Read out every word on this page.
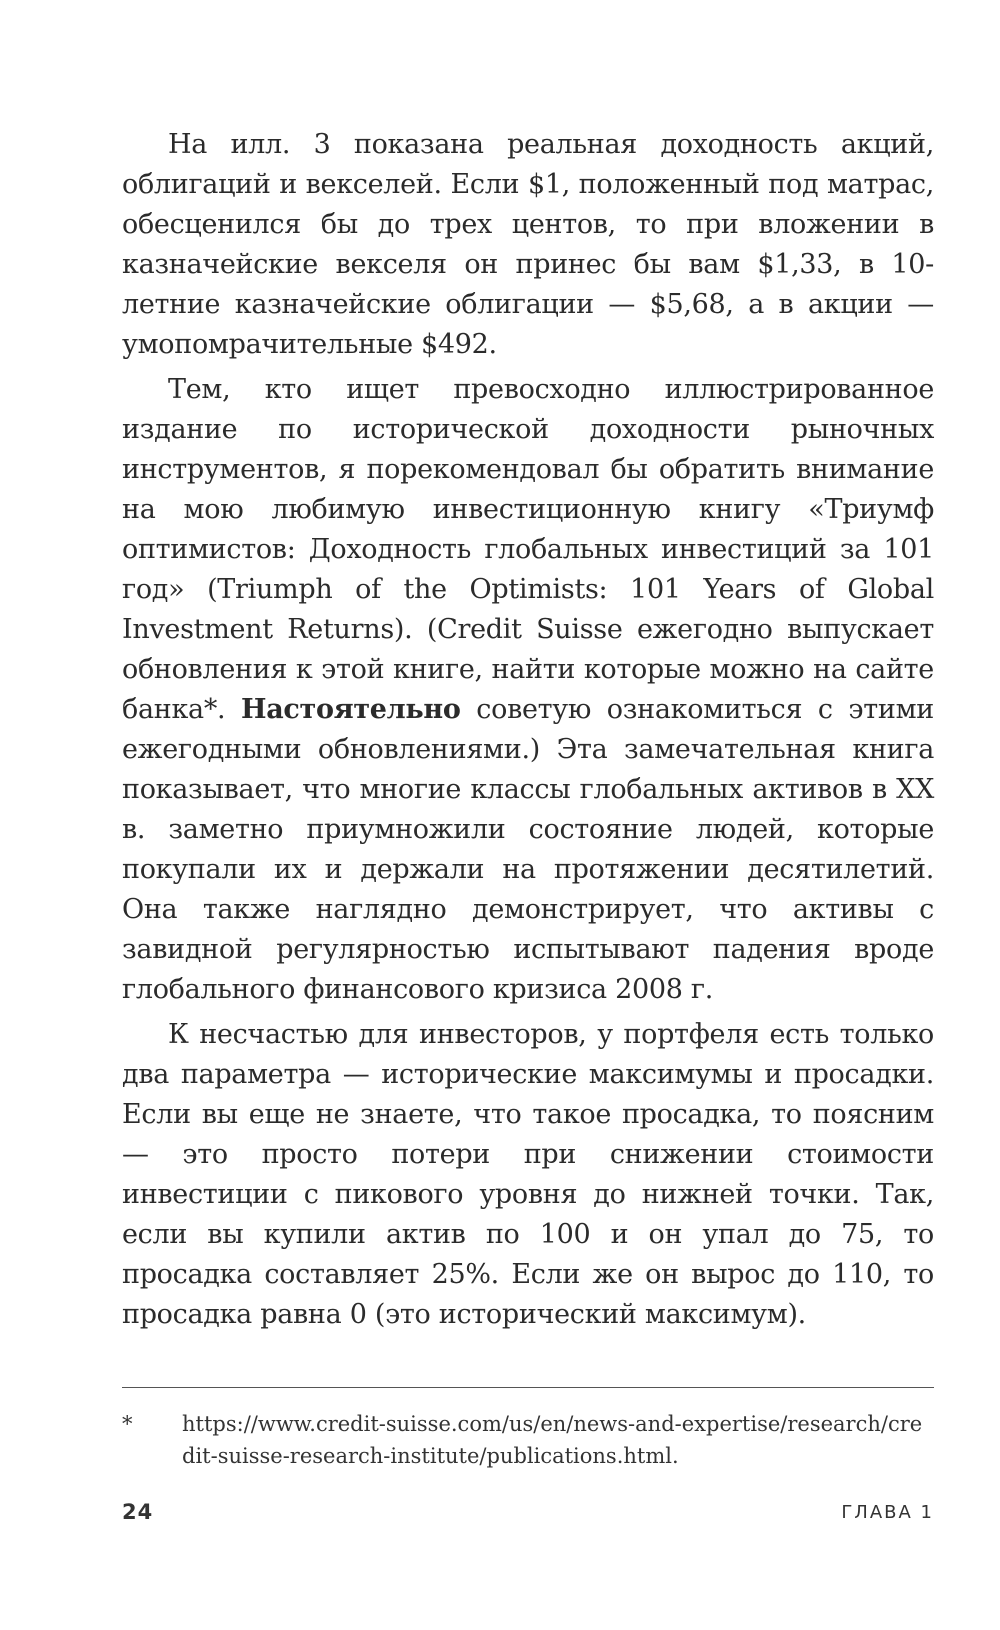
На илл. 3 показана реальная доходность акций, облигаций и векселей. Если $1, положенный под матрас, обесценился бы до трех центов, то при вложении в казначейские векселя он принес бы вам $1,33, в 10-летние казначейские облигации — $5,68, а в акции — умопомрачительные $492.

Тем, кто ищет превосходно иллюстрированное издание по исторической доходности рыночных инструментов, я порекомендовал бы обратить внимание на мою любимую инвестиционную книгу «Триумф оптимистов: Доходность глобальных инвестиций за 101 год» (Triumph of the Optimists: 101 Years of Global Investment Returns). (Credit Suisse ежегодно выпускает обновления к этой книге, найти которые можно на сайте банка*. Настоятельно советую ознакомиться с этими ежегодными обновлениями.) Эта замечательная книга показывает, что многие классы глобальных активов в XX в. заметно приумножили состояние людей, которые покупали их и держали на протяжении десятилетий. Она также наглядно демонстрирует, что активы с завидной регулярностью испытывают падения вроде глобального финансового кризиса 2008 г.

К несчастью для инвесторов, у портфеля есть только два параметра — исторические максимумы и просадки. Если вы еще не знаете, что такое просадка, то поясним — это просто потери при снижении стоимости инвестиции с пикового уровня до нижней точки. Так, если вы купили актив по 100 и он упал до 75, то просадка составляет 25%. Если же он вырос до 110, то просадка равна 0 (это исторический максимум).

* https://www.credit-suisse.com/us/en/news-and-expertise/research/credit-suisse-research-institute/publications.html.
24	ГЛАВА 1
